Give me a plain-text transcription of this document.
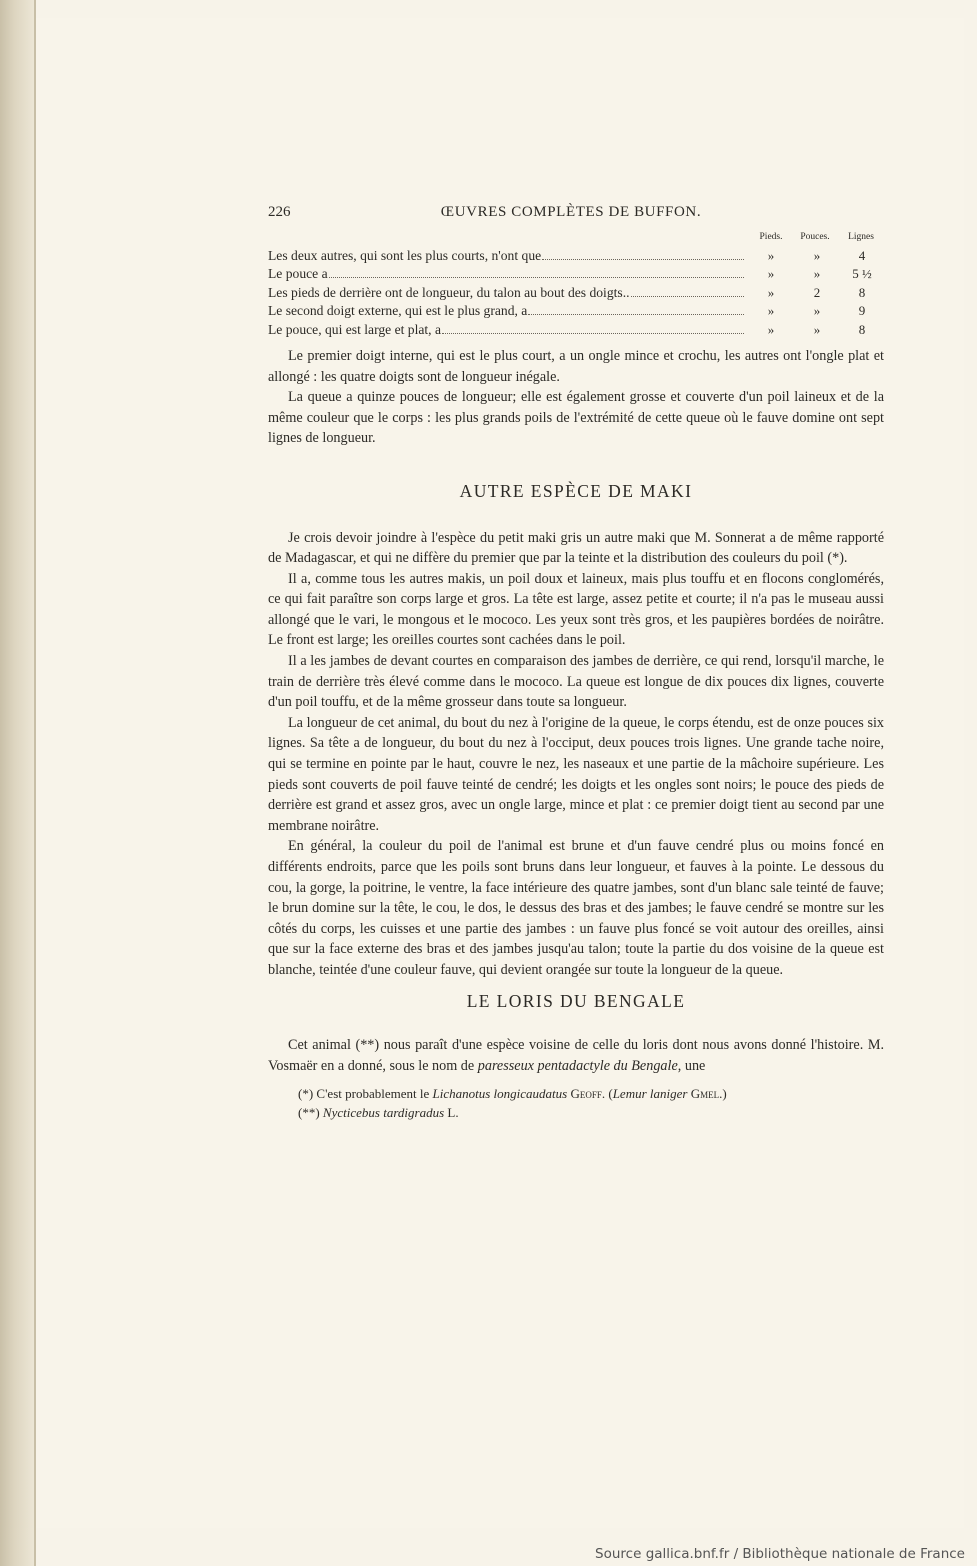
226	ŒUVRES COMPLÈTES DE BUFFON.
Pieds.	Pouces.	Lignes
Les deux autres, qui sont les plus courts, n'ont que	»	»	4
Le pouce a	»	»	5 ½
Les pieds de derrière ont de longueur, du talon au bout des doigts..	»	2	8
Le second doigt externe, qui est le plus grand, a	»	»	9
Le pouce, qui est large et plat, a	»	»	8

Le premier doigt interne, qui est le plus court, a un ongle mince et crochu, les autres ont l'ongle plat et allongé : les quatre doigts sont de longueur inégale.

La queue a quinze pouces de longueur; elle est également grosse et couverte d'un poil laineux et de la même couleur que le corps : les plus grands poils de l'extrémité de cette queue où le fauve domine ont sept lignes de longueur.

AUTRE ESPÈCE DE MAKI

Je crois devoir joindre à l'espèce du petit maki gris un autre maki que M. Sonnerat a de même rapporté de Madagascar, et qui ne diffère du premier que par la teinte et la distribution des couleurs du poil (*).

Il a, comme tous les autres makis, un poil doux et laineux, mais plus touffu et en flocons conglomérés, ce qui fait paraître son corps large et gros. La tête est large, assez petite et courte; il n'a pas le museau aussi allongé que le vari, le mongous et le mococo. Les yeux sont très gros, et les paupières bordées de noirâtre. Le front est large; les oreilles courtes sont cachées dans le poil.

Il a les jambes de devant courtes en comparaison des jambes de derrière, ce qui rend, lorsqu'il marche, le train de derrière très élevé comme dans le mococo. La queue est longue de dix pouces dix lignes, couverte d'un poil touffu, et de la même grosseur dans toute sa longueur.

La longueur de cet animal, du bout du nez à l'origine de la queue, le corps étendu, est de onze pouces six lignes. Sa tête a de longueur, du bout du nez à l'occiput, deux pouces trois lignes. Une grande tache noire, qui se termine en pointe par le haut, couvre le nez, les naseaux et une partie de la mâchoire supérieure. Les pieds sont couverts de poil fauve teinté de cendré; les doigts et les ongles sont noirs; le pouce des pieds de derrière est grand et assez gros, avec un ongle large, mince et plat : ce premier doigt tient au second par une membrane noirâtre.

En général, la couleur du poil de l'animal est brune et d'un fauve cendré plus ou moins foncé en différents endroits, parce que les poils sont bruns dans leur longueur, et fauves à la pointe. Le dessous du cou, la gorge, la poitrine, le ventre, la face intérieure des quatre jambes, sont d'un blanc sale teinté de fauve; le brun domine sur la tête, le cou, le dos, le dessus des bras et des jambes; le fauve cendré se montre sur les côtés du corps, les cuisses et une partie des jambes : un fauve plus foncé se voit autour des oreilles, ainsi que sur la face externe des bras et des jambes jusqu'au talon; toute la partie du dos voisine de la queue est blanche, teintée d'une couleur fauve, qui devient orangée sur toute la longueur de la queue.

LE LORIS DU BENGALE

Cet animal (**) nous paraît d'une espèce voisine de celle du loris dont nous avons donné l'histoire. M. Vosmaër en a donné, sous le nom de paresseux pentadactyle du Bengale, une

(*) C'est probablement le Lichanotus longicaudatus Geoff. (Lemur laniger Gmel.)

(**) Nycticebus tardigradus L.

Source gallica.bnf.fr / Bibliothèque nationale de France
